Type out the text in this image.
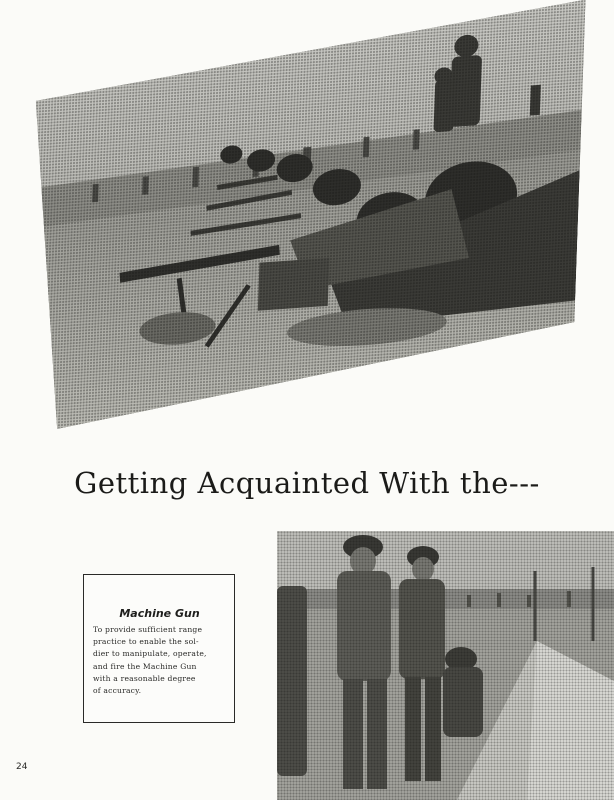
Getting Acquainted With the---

Machine Gun

To provide sufficient range
practice to enable the sol-
dier to manipulate, operate,
and fire the Machine Gun
with a reasonable degree
of accuracy.

24
